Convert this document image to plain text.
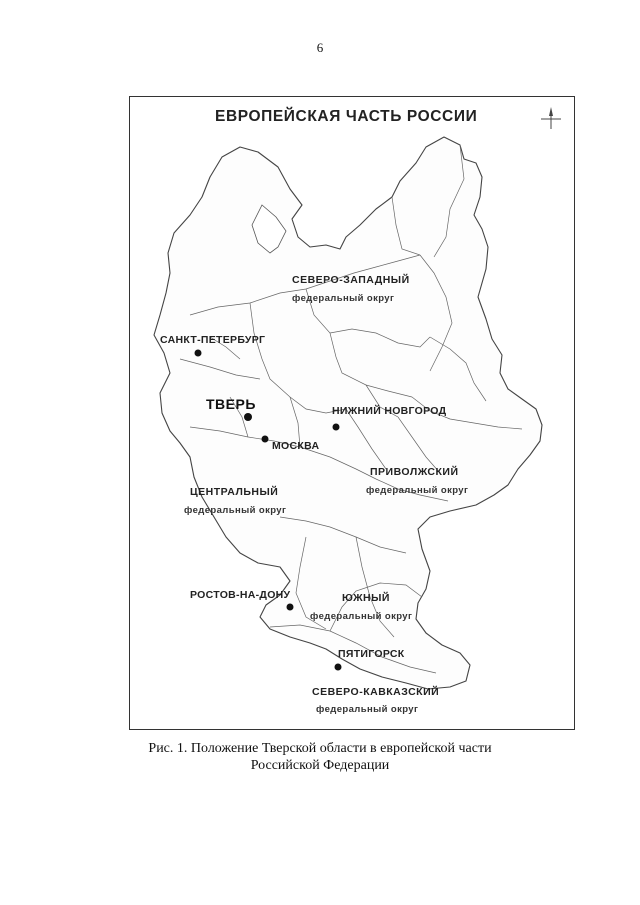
6
ЕВРОПЕЙСКАЯ ЧАСТЬ РОССИИ
СЕВЕРО-ЗАПАДНЫЙ
федеральный округ
ЦЕНТРАЛЬНЫЙ
федеральный округ
ПРИВОЛЖСКИЙ
федеральный округ
ЮЖНЫЙ
федеральный округ
СЕВЕРО-КАВКАЗСКИЙ
федеральный округ
САНКТ-ПЕТЕРБУРГ
ТВЕРЬ
МОСКВА
НИЖНИЙ НОВГОРОД
РОСТОВ-НА-ДОНУ
ПЯТИГОРСК
Рис. 1. Положение Тверской области в европейской части
Российской Федерации
